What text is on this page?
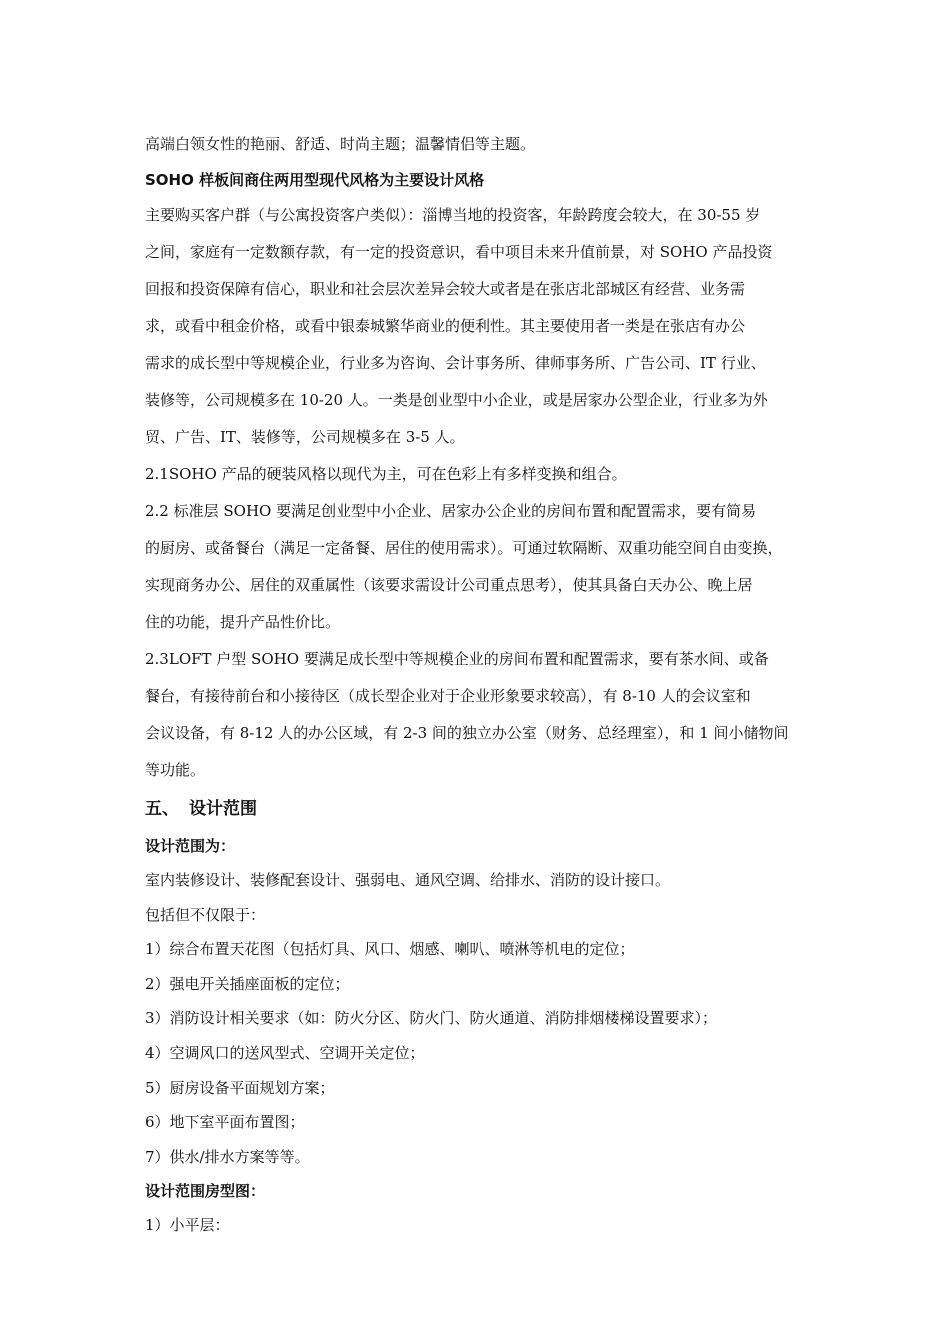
高端白领女性的艳丽、舒适、时尚主题；温馨情侣等主题。

SOHO 样板间商住两用型现代风格为主要设计风格

主要购买客户群（与公寓投资客户类似）：淄博当地的投资客，年龄跨度会较大，在 30-55 岁

之间，家庭有一定数额存款，有一定的投资意识，看中项目未来升值前景，对 SOHO 产品投资

回报和投资保障有信心，职业和社会层次差异会较大或者是在张店北部城区有经营、业务需

求，或看中租金价格，或看中银泰城繁华商业的便利性。其主要使用者一类是在张店有办公

需求的成长型中等规模企业，行业多为咨询、会计事务所、律师事务所、广告公司、IT 行业、

装修等，公司规模多在 10-20 人。一类是创业型中小企业，或是居家办公型企业，行业多为外

贸、广告、IT、装修等，公司规模多在 3-5 人。

2.1SOHO 产品的硬装风格以现代为主，可在色彩上有多样变换和组合。

2.2 标准层 SOHO 要满足创业型中小企业、居家办公企业的房间布置和配置需求，要有简易

的厨房、或备餐台（满足一定备餐、居住的使用需求）。可通过软隔断、双重功能空间自由变换，

实现商务办公、居住的双重属性（该要求需设计公司重点思考），使其具备白天办公、晚上居

住的功能，提升产品性价比。

2.3LOFT 户型 SOHO 要满足成长型中等规模企业的房间布置和配置需求，要有茶水间、或备

餐台，有接待前台和小接待区（成长型企业对于企业形象要求较高），有 8-10 人的会议室和

会议设备，有 8-12 人的办公区域，有 2-3 间的独立办公室（财务、总经理室），和 1 间小储物间

等功能。

五、 设计范围

设计范围为：

室内装修设计、装修配套设计、强弱电、通风空调、给排水、消防的设计接口。

包括但不仅限于：

1）综合布置天花图（包括灯具、风口、烟感、喇叭、喷淋等机电的定位；

2）强电开关插座面板的定位；

3）消防设计相关要求（如：防火分区、防火门、防火通道、消防排烟楼梯设置要求）；

4）空调风口的送风型式、空调开关定位；

5）厨房设备平面规划方案；

6）地下室平面布置图；

7）供水/排水方案等等。

设计范围房型图：

1）小平层：
